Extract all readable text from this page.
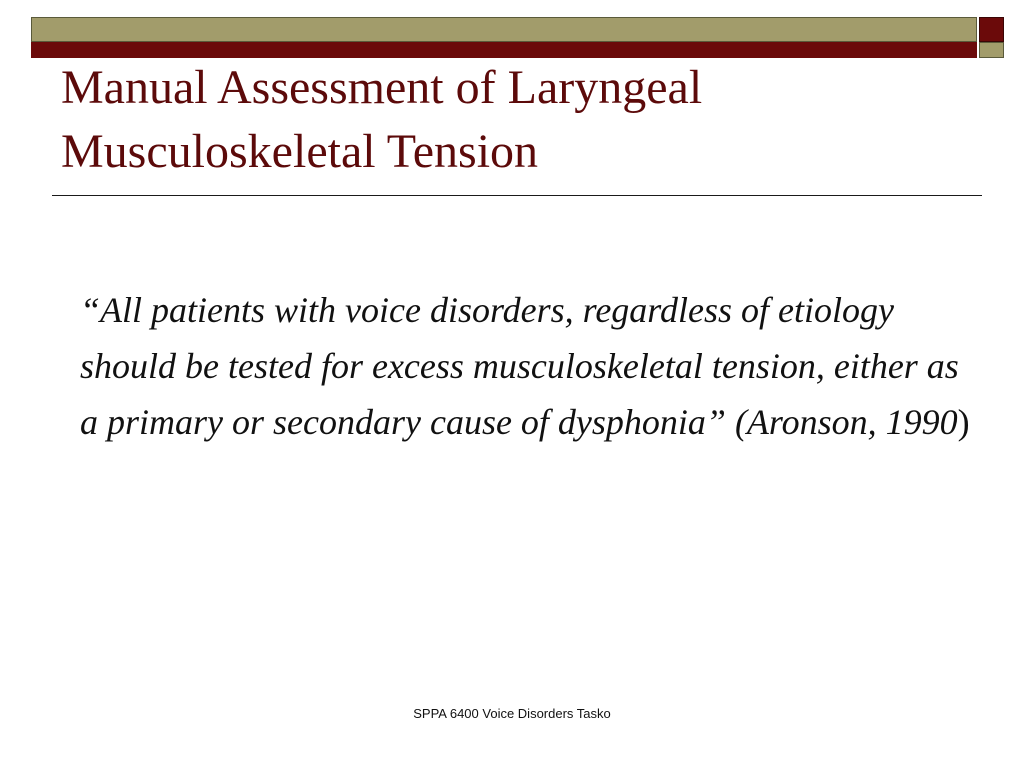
Manual Assessment of Laryngeal
Musculoskeletal Tension

“All patients with voice disorders, regardless of etiology should be tested for excess musculoskeletal tension, either as a primary or secondary cause of dysphonia” (Aronson, 1990)

SPPA 6400 Voice Disorders Tasko
